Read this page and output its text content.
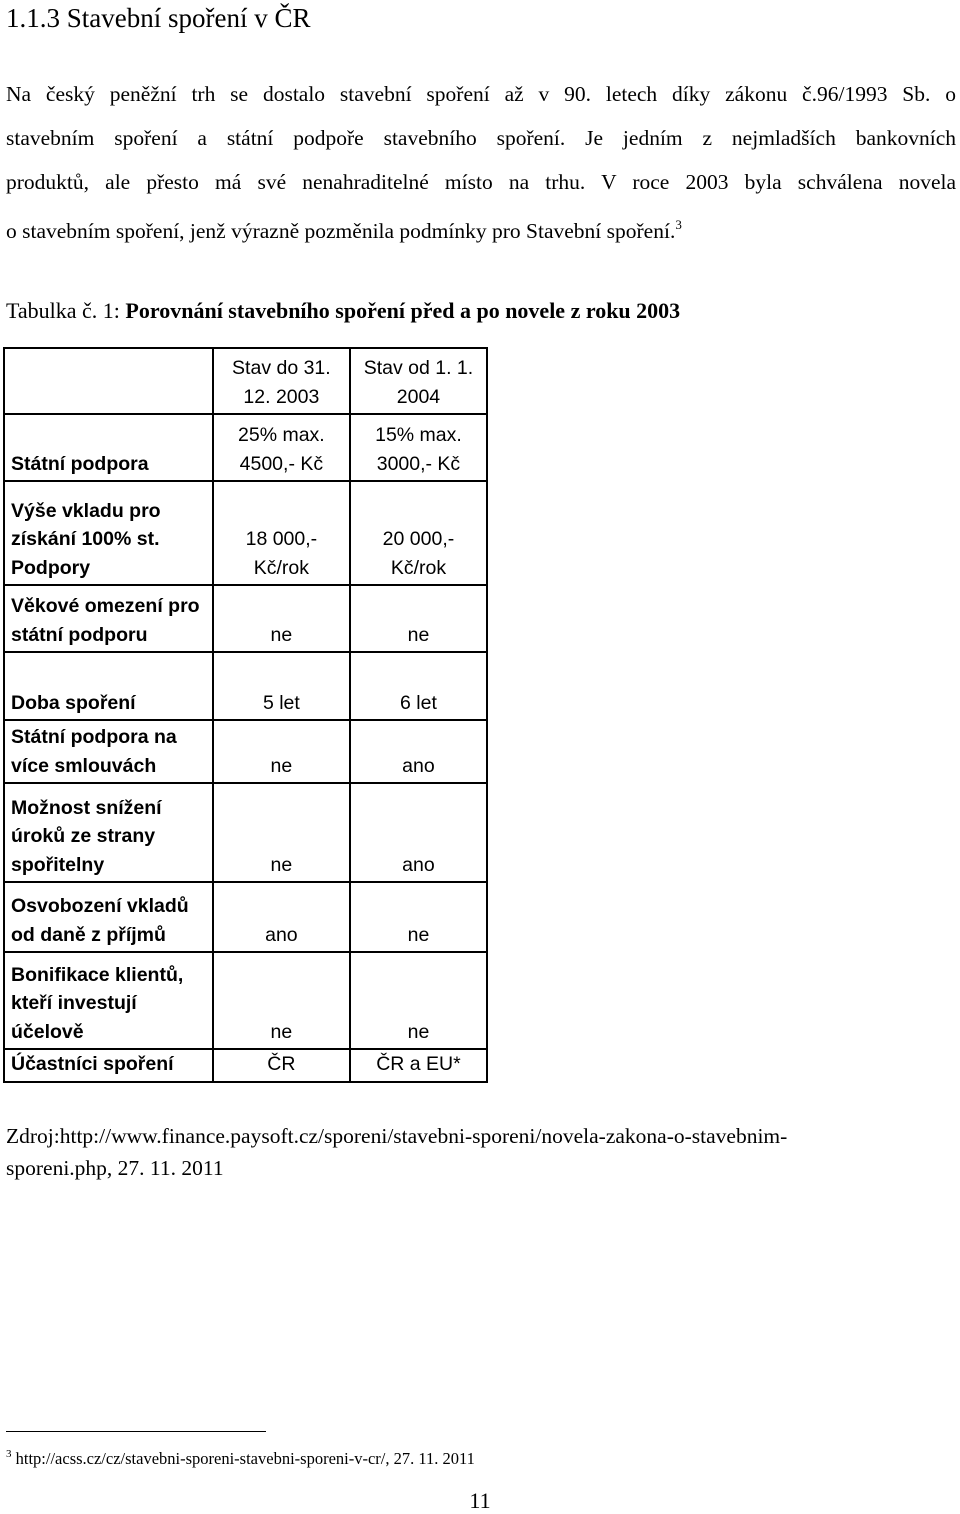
1.1.3 Stavební spoření v ČR
Na český peněžní trh se dostalo stavební spoření až v 90. letech díky zákonu č.96/1993 Sb. o
stavebním spoření a státní podpoře stavebního spoření. Je jedním z nejmladších bankovních
produktů, ale přesto má své nenahraditelné místo na trhu. V roce 2003 byla schválena novela
o stavebním spoření, jenž výrazně pozměnila podmínky pro Stavební spoření.$^3$
Tabulka č. 1: Porovnání stavebního spoření před a po novele z roku 2003
	Stav do 31. 12. 2003	Stav od 1. 1. 2004
Státní podpora	25% max. 4500,- Kč	15% max. 3000,- Kč
Výše vkladu pro získání 100% st. Podpory	18 000,- Kč/rok	20 000,- Kč/rok
Věkové omezení pro státní podporu	ne	ne
Doba spoření	5 let	6 let
Státní podpora na více smlouvách	ne	ano
Možnost snížení úroků ze strany spořitelny	ne	ano
Osvobození vkladů od daně z příjmů	ano	ne
Bonifikace klientů, kteří investují účelově	ne	ne
Účastníci spoření	ČR	ČR a EU*
Zdroj:http://www.finance.paysoft.cz/sporeni/stavebni-sporeni/novela-zakona-o-stavebnim-
sporeni.php, 27. 11. 2011
$^3$ http://acss.cz/cz/stavebni-sporeni-stavebni-sporeni-v-cr/, 27. 11. 2011
11
